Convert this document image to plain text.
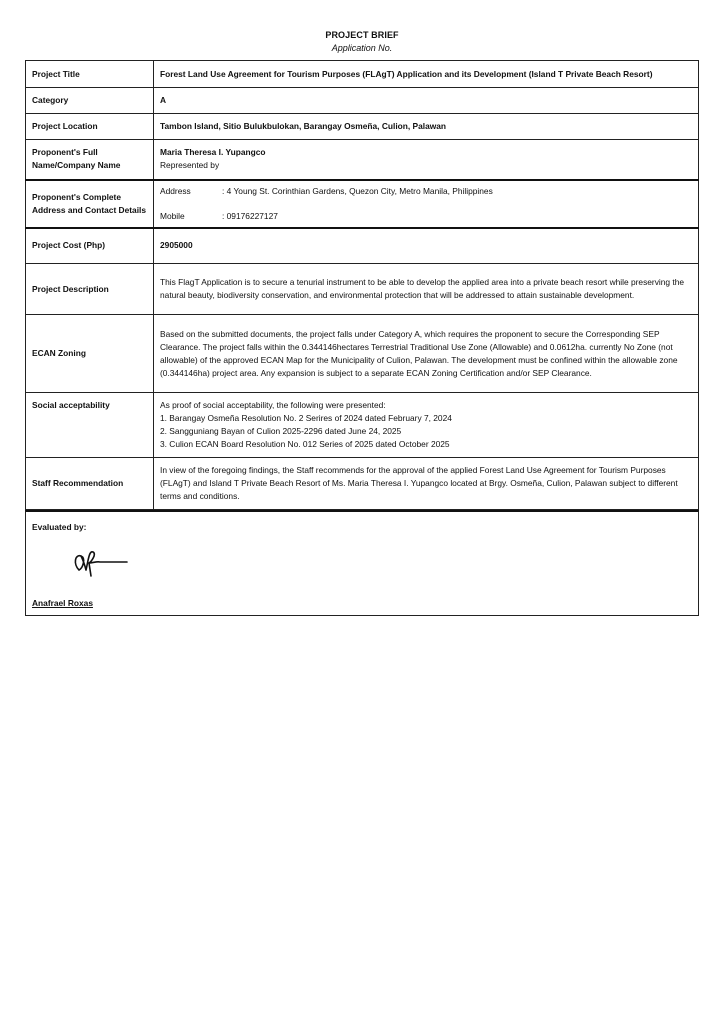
PROJECT BRIEF
Application No.
Project Title	Forest Land Use Agreement for Tourism Purposes (FLAgT) Application and its Development (Island T Private Beach Resort)
Category	A
Project Location	Tambon Island, Sitio Bulukbulokan, Barangay Osmeña, Culion, Palawan
Proponent's Full Name/Company Name	Maria Theresa I. Yupangco
Represented by

Proponent's Complete Address and Contact Details	Address : 4 Young St. Corinthian Gardens, Quezon City, Metro Manila, Philippines
Mobile : 09176227127

Project Cost (Php)	2905000
Project Description	This FlagT Application is to secure a tenurial instrument to be able to develop the applied area into a private beach resort while preserving the natural beauty, biodiversity conservation, and environmental protection that will be addressed to attain sustainable development.
ECAN Zoning	Based on the submitted documents, the project falls under Category A, which requires the proponent to secure the Corresponding SEP Clearance. The project falls within the 0.344146hectares Terrestrial Traditional Use Zone (Allowable) and 0.0612ha. currently No Zone (not allowable) of the approved ECAN Map for the Municipality of Culion, Palawan. The development must be confined within the allowable zone (0.344146ha) project area. Any expansion is subject to a separate ECAN Zoning Certification and/or SEP Clearance.
Social acceptability	As proof of social acceptability, the following were presented:
1. Barangay Osmeña Resolution No. 2 Serires of 2024 dated February 7, 2024
2. Sangguniang Bayan of Culion 2025-2296 dated June 24, 2025
3. Culion ECAN Board Resolution No. 012 Series of 2025 dated October 2025

Staff Recommendation	In view of the foregoing findings, the Staff recommends for the approval of the applied Forest Land Use Agreement for Tourism Purposes (FLAgT) and Island T Private Beach Resort of Ms. Maria Theresa I. Yupangco located at Brgy. Osmeña, Culion, Palawan subject to different terms and conditions.
Evaluated by:
Anafrael Roxas
